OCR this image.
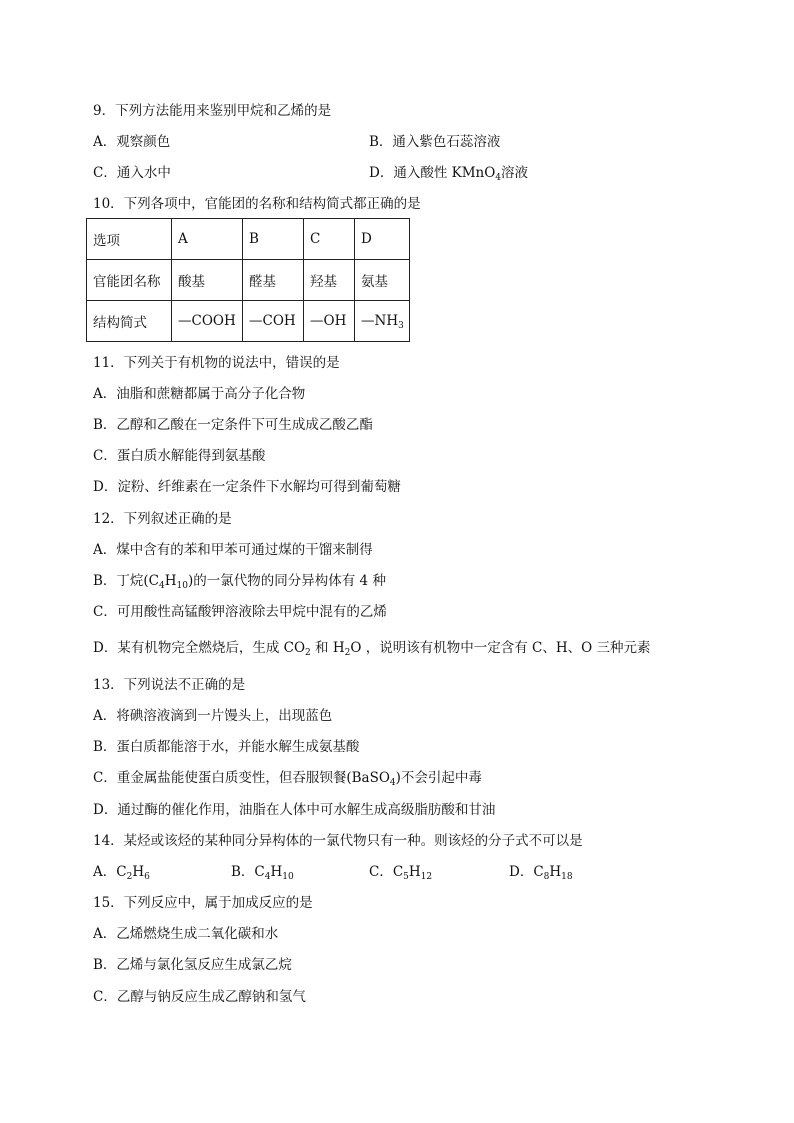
9．下列方法能用来鉴别甲烷和乙烯的是
A．观察颜色	B．通入紫色石蕊溶液
C．通入水中	D．通入酸性 KMnO$_4$溶液
10．下列各项中，官能团的名称和结构简式都正确的是
选项	A	B	C	D
官能团名称	酸基	醛基	羟基	氨基
结构简式	—COOH	—COH	—OH	$—NH_3$
11．下列关于有机物的说法中，错误的是
A．油脂和蔗糖都属于高分子化合物
B．乙醇和乙酸在一定条件下可生成成乙酸乙酯
C．蛋白质水解能得到氨基酸
D．淀粉、纤维素在一定条件下水解均可得到葡萄糖
12．下列叙述正确的是
A．煤中含有的苯和甲苯可通过煤的干馏来制得
B．丁烷$(C_4H_{10})$的一氯代物的同分异构体有 4 种
C．可用酸性高锰酸钾溶液除去甲烷中混有的乙烯
D．某有机物完全燃烧后，生成 $CO_2$ 和 $H_2O$ ，说明该有机物中一定含有 C、H、O 三种元素
13．下列说法不正确的是
A．将碘溶液滴到一片馒头上，出现蓝色
B．蛋白质都能溶于水，并能水解生成氨基酸
C．重金属盐能使蛋白质变性，但吞服钡餐(BaSO$_4$)不会引起中毒
D．通过酶的催化作用，油脂在人体中可水解生成高级脂肪酸和甘油
14．某烃或该烃的某种同分异构体的一氯代物只有一种。则该烃的分子式不可以是
A．$C_2H_6$	B．$C_4H_{10}$	C．$C_5H_{12}$	D．$C_8H_{18}$
15．下列反应中，属于加成反应的是
A．乙烯燃烧生成二氧化碳和水
B．乙烯与氯化氢反应生成氯乙烷
C．乙醇与钠反应生成乙醇钠和氢气
